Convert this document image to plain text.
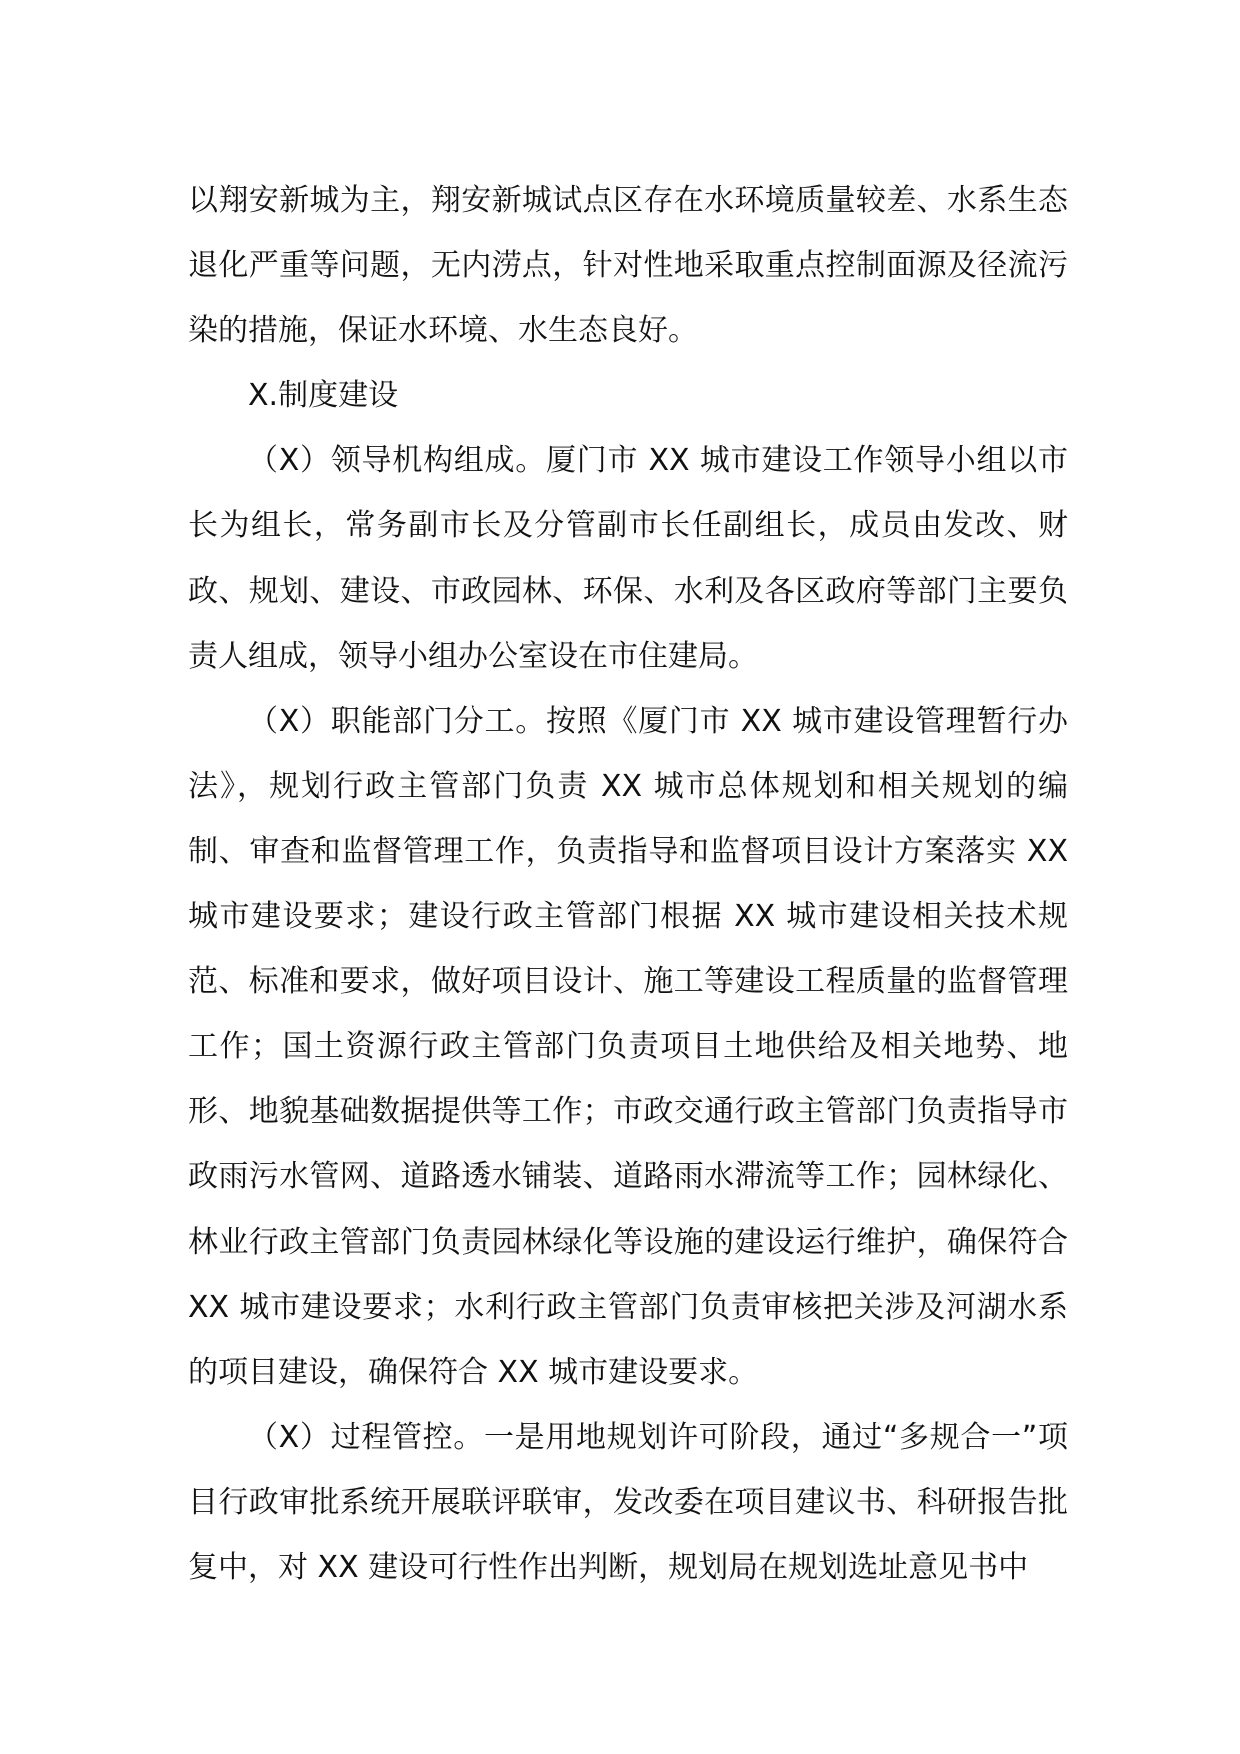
以翔安新城为主，翔安新城试点区存在水环境质量较差、水系生态退化严重等问题，无内涝点，针对性地采取重点控制面源及径流污染的措施，保证水环境、水生态良好。

X.制度建设

（X）领导机构组成。厦门市 XX 城市建设工作领导小组以市长为组长，常务副市长及分管副市长任副组长，成员由发改、财政、规划、建设、市政园林、环保、水利及各区政府等部门主要负责人组成，领导小组办公室设在市住建局。

（X）职能部门分工。按照《厦门市 XX 城市建设管理暂行办法》，规划行政主管部门负责 XX 城市总体规划和相关规划的编制、审查和监督管理工作，负责指导和监督项目设计方案落实 XX 城市建设要求；建设行政主管部门根据 XX 城市建设相关技术规范、标准和要求，做好项目设计、施工等建设工程质量的监督管理工作；国土资源行政主管部门负责项目土地供给及相关地势、地形、地貌基础数据提供等工作；市政交通行政主管部门负责指导市政雨污水管网、道路透水铺装、道路雨水滞流等工作；园林绿化、林业行政主管部门负责园林绿化等设施的建设运行维护，确保符合 XX 城市建设要求；水利行政主管部门负责审核把关涉及河湖水系的项目建设，确保符合 XX 城市建设要求。

（X）过程管控。一是用地规划许可阶段，通过“多规合一”项目行政审批系统开展联评联审，发改委在项目建议书、科研报告批复中，对 XX 建设可行性作出判断，规划局在规划选址意见书中
